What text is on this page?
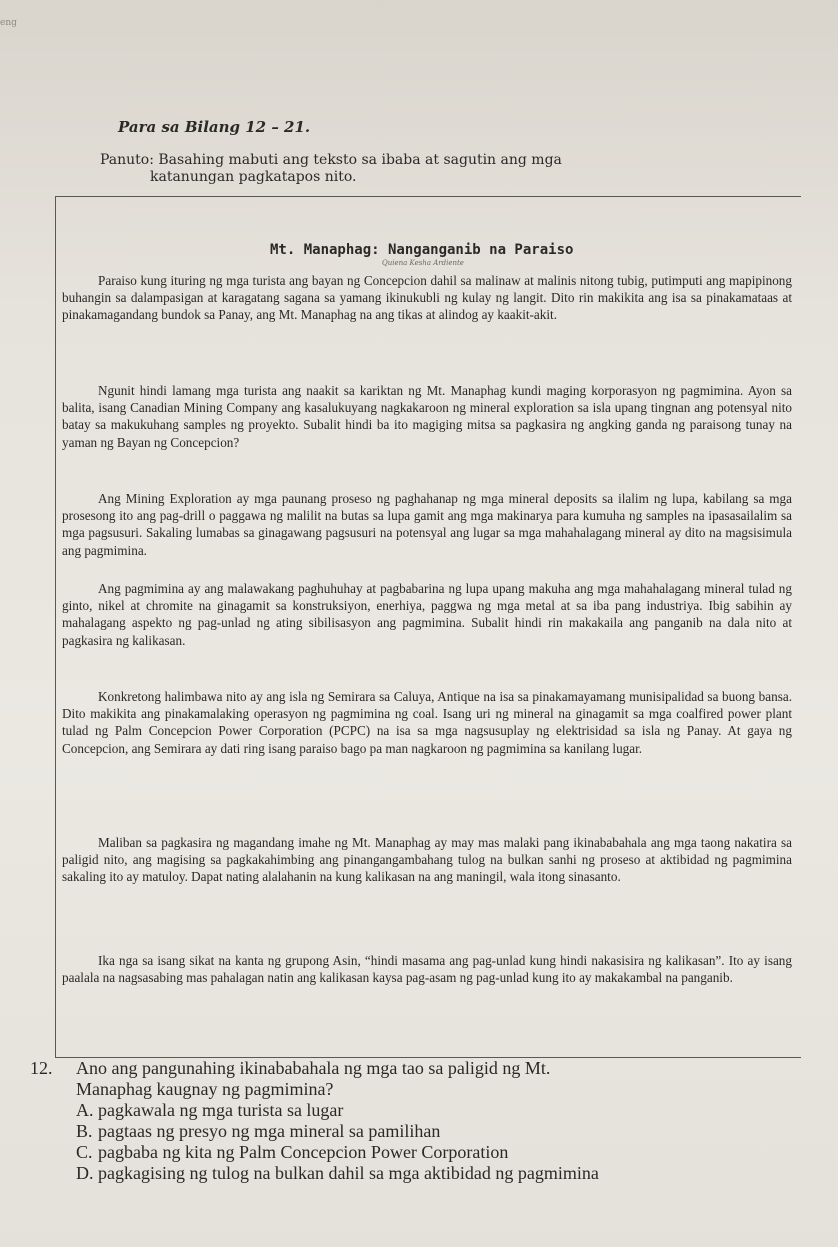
eng
Para sa Bilang 12 – 21.
Panuto: Basahing mabuti ang teksto sa ibaba at sagutin ang mga
katanungan pagkatapos nito.
Mt. Manaphag: Nanganganib na Paraiso
Quiena Kesha Ardiente
Paraiso kung ituring ng mga turista ang bayan ng Concepcion dahil sa malinaw at malinis nitong tubig, putimputi ang mapipinong buhangin sa dalampasigan at karagatang sagana sa yamang ikinukubli ng kulay ng langit. Dito rin makikita ang isa sa pinakamataas at pinakamagandang bundok sa Panay, ang Mt. Manaphag na ang tikas at alindog ay kaakit-akit.
Ngunit hindi lamang mga turista ang naakit sa kariktan ng Mt. Manaphag kundi maging korporasyon ng pagmimina. Ayon sa balita, isang Canadian Mining Company ang kasalukuyang nagkakaroon ng mineral exploration sa isla upang tingnan ang potensyal nito batay sa makukuhang samples ng proyekto. Subalit hindi ba ito magiging mitsa sa pagkasira ng angking ganda ng paraisong tunay na yaman ng Bayan ng Concepcion?
Ang Mining Exploration ay mga paunang proseso ng paghahanap ng mga mineral deposits sa ilalim ng lupa, kabilang sa mga prosesong ito ang pag-drill o paggawa ng malilit na butas sa lupa gamit ang mga makinarya para kumuha ng samples na ipasasailalim sa mga pagsusuri. Sakaling lumabas sa ginagawang pagsusuri na potensyal ang lugar sa mga mahahalagang mineral ay dito na magsisimula ang pagmimina.
Ang pagmimina ay ang malawakang paghuhuhay at pagbabarina ng lupa upang makuha ang mga mahahalagang mineral tulad ng ginto, nikel at chromite na ginagamit sa konstruksiyon, enerhiya, paggwa ng mga metal at sa iba pang industriya. Ibig sabihin ay mahalagang aspekto ng pag-unlad ng ating sibilisasyon ang pagmimina. Subalit hindi rin makakaila ang panganib na dala nito at pagkasira ng kalikasan.
Konkretong halimbawa nito ay ang isla ng Semirara sa Caluya, Antique na isa sa pinakamayamang munisipalidad sa buong bansa. Dito makikita ang pinakamalaking operasyon ng pagmimina ng coal. Isang uri ng mineral na ginagamit sa mga coalfired power plant tulad ng Palm Concepcion Power Corporation (PCPC) na isa sa mga nagsusuplay ng elektrisidad sa isla ng Panay. At gaya ng Concepcion, ang Semirara ay dati ring isang paraiso bago pa man nagkaroon ng pagmimina sa kanilang lugar.
Maliban sa pagkasira ng magandang imahe ng Mt. Manaphag ay may mas malaki pang ikinababahala ang mga taong nakatira sa paligid nito, ang magising sa pagkakahimbing ang pinangangambahang tulog na bulkan sanhi ng proseso at aktibidad ng pagmimina sakaling ito ay matuloy. Dapat nating alalahanin na kung kalikasan na ang maningil, wala itong sinasanto.
Ika nga sa isang sikat na kanta ng grupong Asin, “hindi masama ang pag-unlad kung hindi nakasisira ng kalikasan”. Ito ay isang paalala na nagsasabing mas pahalagan natin ang kalikasan kaysa pag-asam ng pag-unlad kung ito ay makakambal na panganib.
12. Ano ang pangunahing ikinababahala ng mga tao sa paligid ng Mt.
Manaphag kaugnay ng pagmimina?
A. pagkawala ng mga turista sa lugar
B. pagtaas ng presyo ng mga mineral sa pamilihan
C. pagbaba ng kita ng Palm Concepcion Power Corporation
D. pagkagising ng tulog na bulkan dahil sa mga aktibidad ng pagmimina
